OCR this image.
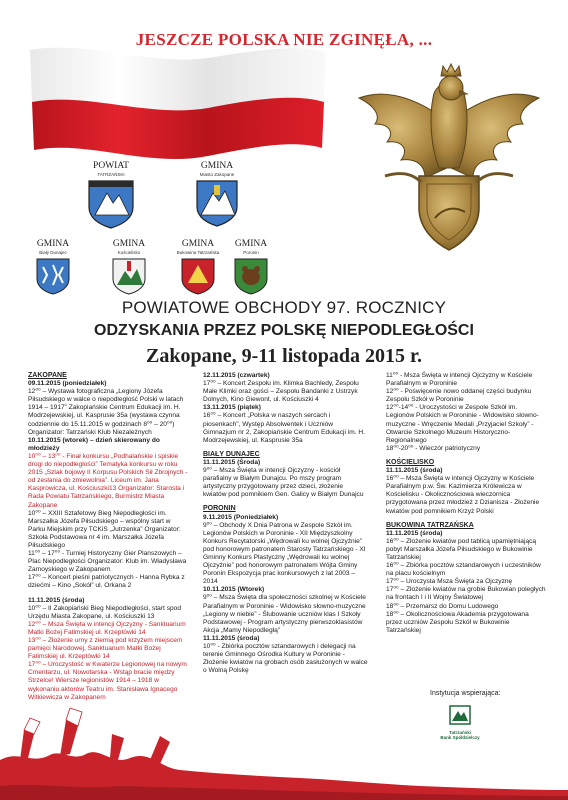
JESZCZE POLSKA NIE ZGINĘŁA, ...
POWIAT
TATRZAŃSKI
GMINA
Miasto Zakopane
GMINA
Biały Dunajec
GMINA
Kościelisko
GMINA
Bukowina Tatrzańska
GMINA
Poronin
POWIATOWE OBCHODY 97. ROCZNICY
ODZYSKANIA PRZEZ POLSKĘ NIEPODLEGŁOŚCI
Zakopane, 9-11 listopada 2015 r.

ZAKOPANE

09.11.2015 (poniedziałek)

12⁰⁰ – Wystawa fotograficzna „Legiony Józefa Piłsudskiego w walce o niepodległość Polski w latach 1914 – 1917” Zakopiańskie Centrum Edukacji im. H. Modrzejewskiej, ul. Kasprusie 35a (wystawa czynna codziennie do 15.11.2015 w godzinach 8⁰⁰ – 20⁰⁰) Organizator: Tatrzański Klub Niezależnych

10.11.2015 (wtorek) – dzień skierowany do młodzieży

10⁰⁰ – 13⁰⁰ - Finał konkursu „Podhalańskie i spiskie drogi do niepodległości” Tematyka konkursu w roku 2015 „Szlak bojowy II Korpusu Polskich Sił Zbrojnych - od zesłania do zmiewolnia”. Liceum im. Jana Kasprowicza, ul. Kościuszki13 Organizator: Starosta i Rada Powiatu Tatrzańskiego, Burmistrz Miasta Zakopane

10⁰⁰ – XXIII Sztafetowy Bieg Niepodległości im. Marszałka Józefa Piłsudskiego – wspólny start w Parku Miejskim przy TCKiS „Jutrzenka” Organizator: Szkoła Podstawowa nr 4 im. Marszałka Józefa Piłsudskiego

11⁰⁰ – 17⁰⁰ - Turniej Historyczny Gier Planszowych – Plac Niepodległości Organizator: Klub im. Władysława Zamoyskiego w Zakopanem

17⁰⁰ – Koncert pieśni patriotycznych - Hanna Rybka z dziećmi – Kino „Sokół” ul. Orkana 2

11.11.2015 (środa)

10⁰⁰ – II Zakopiański Bieg Niepodległości, start spod Urzędu Miasta Zakopane, ul. Kościuszki 13

12⁰⁰ – Msza Święta w intencji Ojczyzny - Sanktuarium Matki Bożej Fatimskiej ul. Krzeptówki 14

13⁰⁰ – Złożenie urny z ziemią pod krzyżem miejscem pamięci Narodowej, Sanktuarium Matki Bożej Fatimskiej ul. Krzeptówki 14

17⁰⁰ – Uroczystość w Kwaterze Legionowej na nowym Cmentarzu, ul. Nowotarska - Wstąp bracie między Strzelce! Wiersze legionistów 1914 – 1918 w wykonaniu aktorów Teatru im. Stanisława Ignacego Witkiewicza w Zakopanem

12.11.2015 (czwartek)

17⁰⁰ – Koncert Zespołu im. Klimka Bachledy, Zespołu Małe Klimki oraz gości – Zespołu Bandanki z Ustrzyk Dolnych, Kino Giewont, ul. Kościuszki 4

13.11.2015 (piątek)

16⁰⁰ – Koncert „Polska w naszych sercach i piosenkach”, Występ Absolwentek i Uczniów Gimnazjum nr 2, Zakopiańskie Centrum Edukacji im. H. Modrzejewskiej, ul. Kasprusie 35a

BIAŁY DUNAJEC

11.11.2015 (Środa)

9⁰⁰ – Msza Święta w intencji Ojczyzny - kościół parafialny w Białym Dunajcu. Po mszy program artystyczny przygotowany przez dzieci, złożenie kwiatów pod pomnikiem Gen. Galicy w Białym Dunajcu

PORONIN

9.11.2015 (Poniedziałek)

9⁰⁰ – Obchody X Dnia Patrona w Zespole Szkół im. Legionów Polskich w Poroninie - XII Międzyszkolny Konkurs Recytatorski „Wędrowali ku wolnej Ojczyźnie” pod honorowym patronatem Starosty Tatrzańskiego - XI Gminny Konkurs Plastyczny „Wędrowali ku wolnej Ojczyźnie” pod honorowym patronatem Wójta Gminy Poronin Ekspozycja prac konkursowych z lat 2003 – 2014

10.11.2015 (Wtorek)

9⁰⁰ – Msza Święta dla społeczności szkolnej w Kościele Parafialnym w Poroninie - Widowisko słowno-muzyczne „Legiony w niebie” - Ślubowanie uczniów klas I Szkoły Podstawowej - Program artystyczny pierwszoklasistów Akcja „Mamy Niepodległą”

11.11.2015 (środa)

10⁰⁰ - Zbiórka pocztów sztandarowych i delegacji na terenie Gminnego Ośrodka Kultury w Poroninie - Złożenie kwiatów na grobach osób zasłużonych w walce o Wolną Polskę

11⁰⁰ - Msza Święta w intencji Ojczyzny w Kościele Parafialnym w Poroninie

12⁰⁰ - Poświęcenie nowo oddanej części budynku Zespołu Szkół w Poroninie

12⁰⁰-14⁰⁰ - Uroczystości w Zespole Szkół im. Legionów Polskich w Poroninie - Widowisko słowno-muzyczne - Wręczenie Medali „Przyjaciel Szkoły” - Otwarcie Szkolnego Muzeum Historyczno-Regionalnego

18⁰⁰-20⁰⁰ - Wieczór patriotyczny

KOŚCIELISKO

11.11.2015 (środa)

16⁰⁰ – Msza Święta w intencji Ojczyzny w Kościele Parafialnym p.w. Św. Kazimierza Królewicza w Kościelisku - Okolicznościowa wieczornica przygotowana przez młodzież z Dzianisza - Złożenie kwiatów pod pomnikiem Krzyż Polski

BUKOWINA TATRZAŃSKA

11.11.2015 (środa)

16⁰⁰ – Złożenie kwiatów pod tablicą upamiętniającą pobyt Marszałka Józefa Piłsudskiego w Bukowinie Tatrzańskiej

16⁰⁰ – Zbiórka pocztów sztandarowych i uczestników na placu kościelnym

17⁰⁰ – Uroczysta Msza Święta za Ojczyznę

17⁰⁰ – Złożenie kwiatów na grobie Bukowian poległych na frontach I i II Wojny Światowej

18⁰⁰ – Przemarsz do Domu Ludowego

18⁰⁰ – Okolicznościowa Akademia przygotowana przez uczniów Zespołu Szkół w Bukowinie Tatrzańskiej

Instytucja wspierająca:
Tatrzański
Bank Spółdzielczy
